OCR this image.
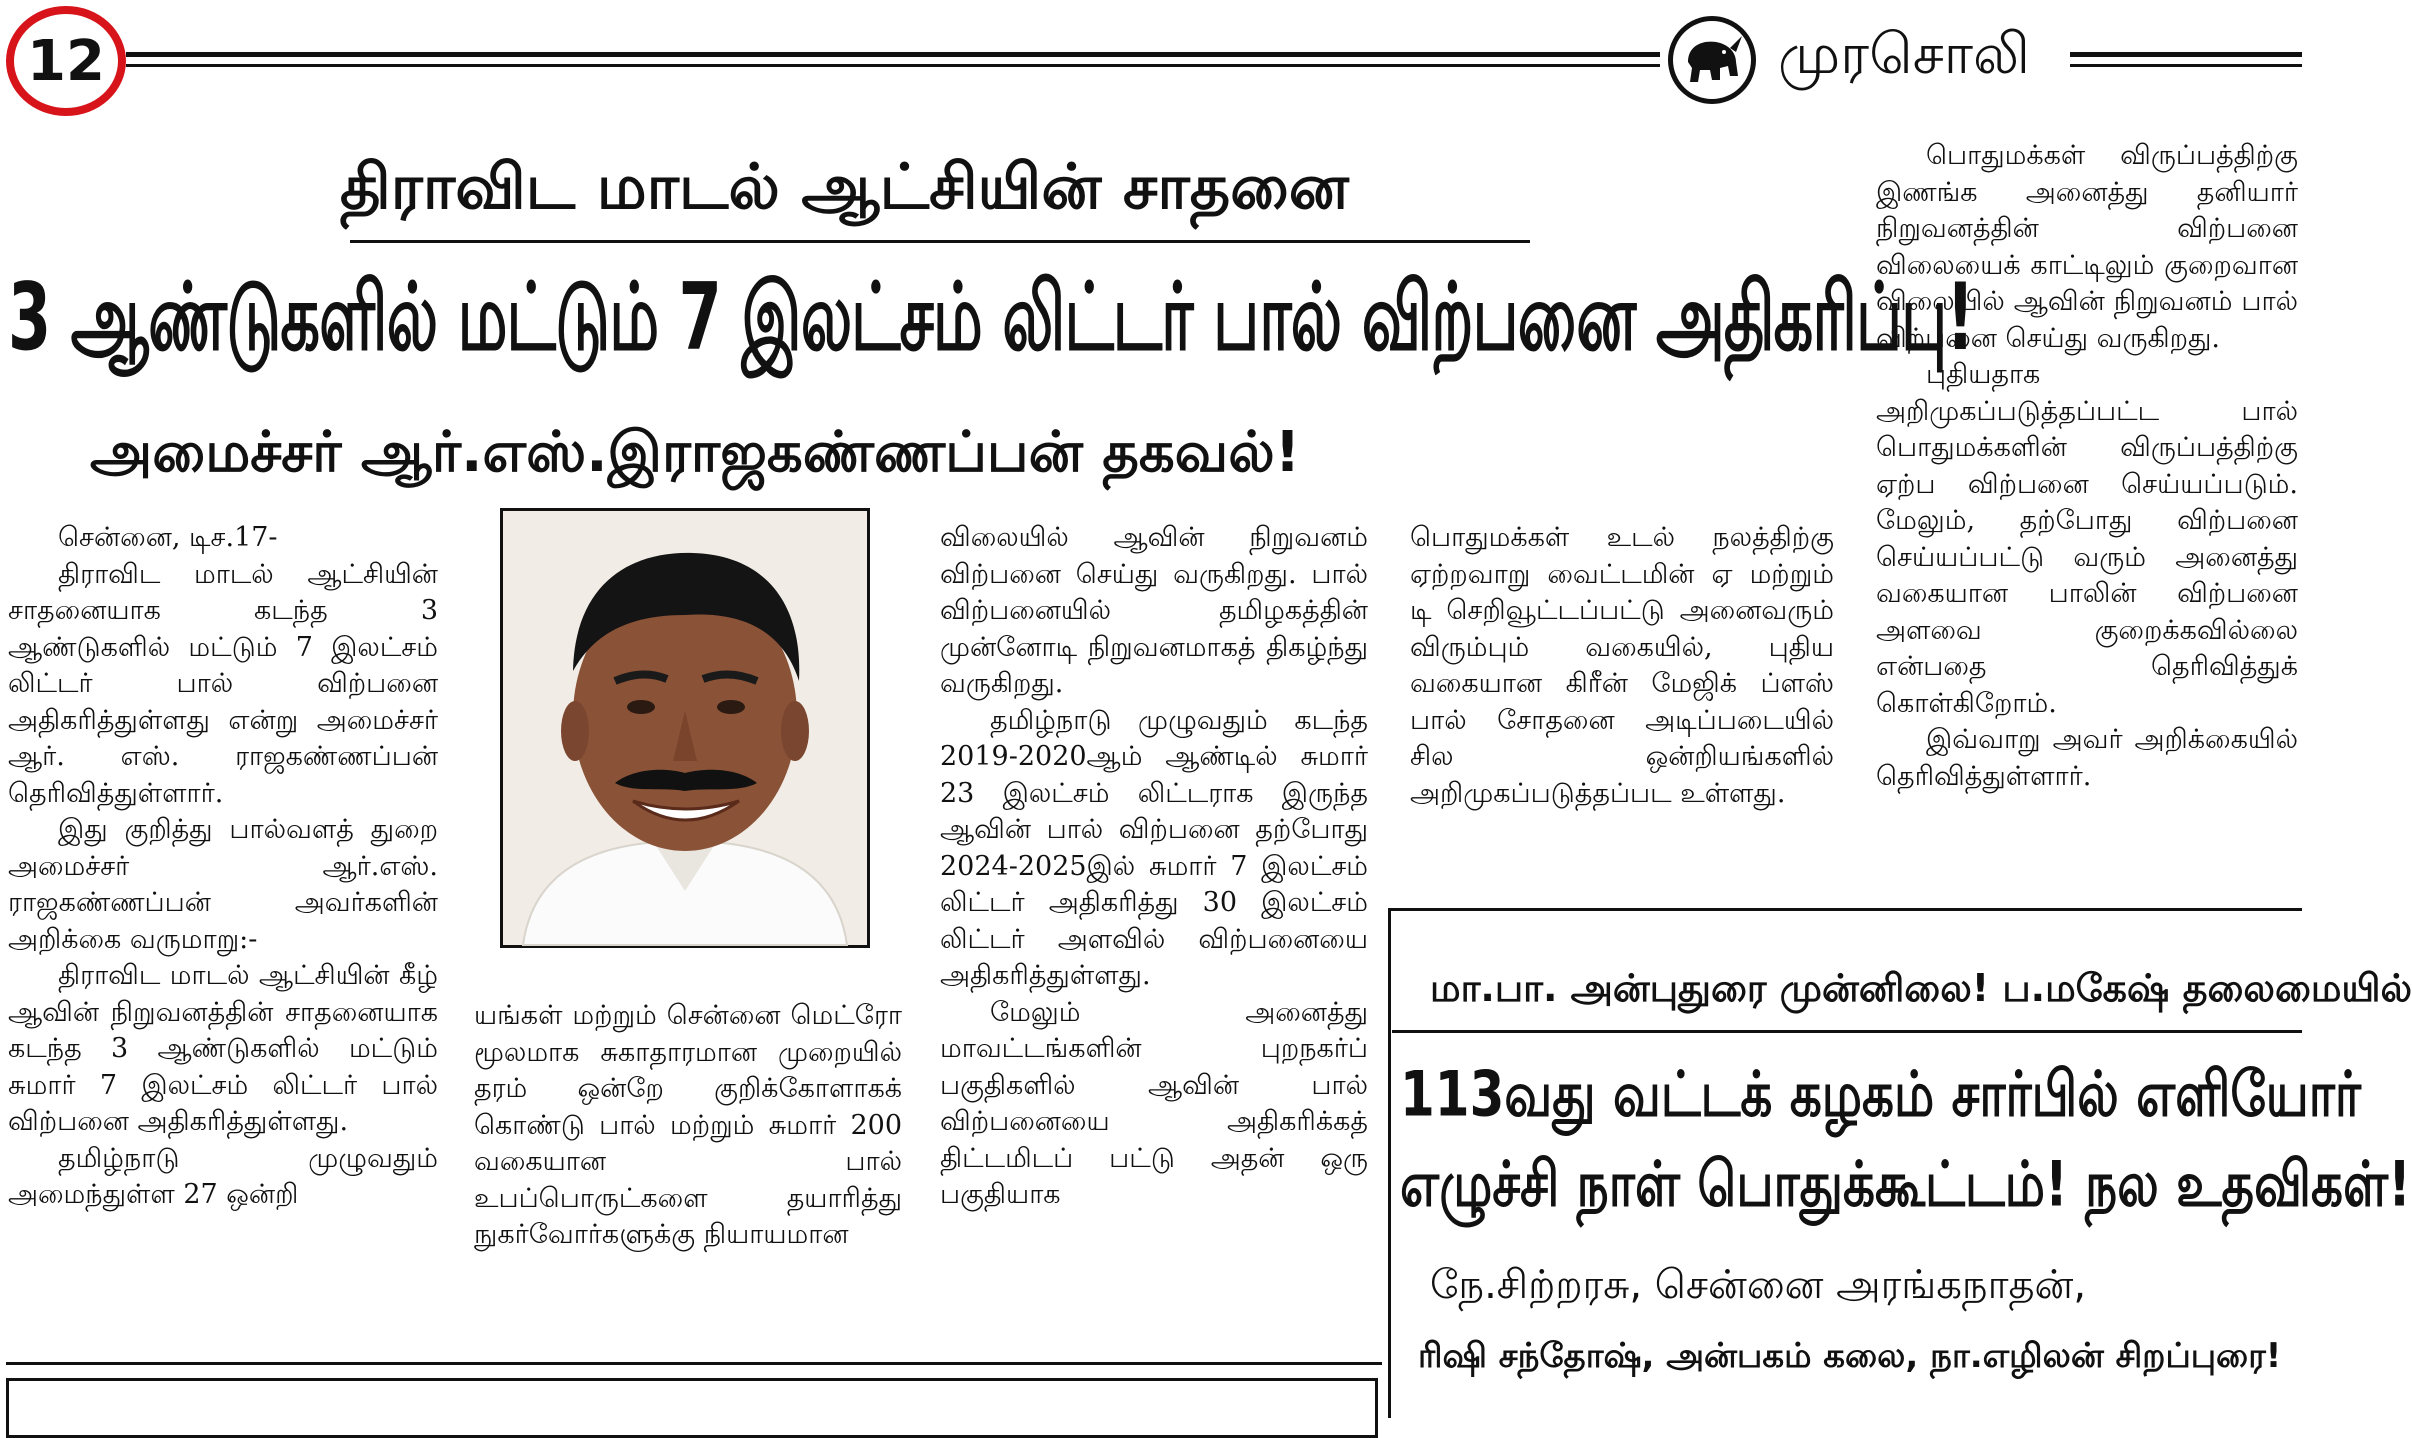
12	முரசொலி
திராவிட மாடல் ஆட்சியின் சாதனை
3 ஆண்டுகளில் மட்டும் 7 இலட்சம் லிட்டர் பால் விற்பனை அதிகரிப்பு!
அமைச்சர் ஆர்.எஸ்.இராஜகண்ணப்பன் தகவல்!

சென்னை, டிச.17-

திராவிட மாடல் ஆட்சியின் சாதனையாக கடந்த 3 ஆண்டுகளில் மட்டும் 7 இலட்சம் லிட்டர் பால் விற்பனை அதிகரித்துள்ளது என்று அமைச்சர் ஆர். எஸ். ராஜகண்ணப்பன் தெரிவித்துள்ளார்.

இது குறித்து பால்வளத் துறை அமைச்சர் ஆர்.எஸ். ராஜகண்ணப்பன் அவர்களின் அறிக்கை வருமாறு:-

திராவிட மாடல் ஆட்சியின் கீழ் ஆவின் நிறுவனத்தின் சாதனையாக கடந்த 3 ஆண்டுகளில் மட்டும் சுமார் 7 இலட்சம் லிட்டர் பால் விற்பனை அதிகரித்துள்ளது.

தமிழ்நாடு முழுவதும் அமைந்துள்ள 27 ஒன்றி

யங்கள் மற்றும் சென்னை மெட்ரோ மூலமாக சுகாதாரமான முறையில் தரம் ஒன்றே குறிக்கோளாகக் கொண்டு பால் மற்றும் சுமார் 200 வகையான பால் உபப்பொருட்களை தயாரித்து நுகர்வோர்களுக்கு நியாயமான

விலையில் ஆவின் நிறுவனம் விற்பனை செய்து வருகிறது. பால் விற்பனையில் தமிழகத்தின் முன்னோடி நிறுவனமாகத் திகழ்ந்து வருகிறது.

தமிழ்நாடு முழுவதும் கடந்த 2019-2020ஆம் ஆண்டில் சுமார் 23 இலட்சம் லிட்டராக இருந்த ஆவின் பால் விற்பனை தற்போது 2024-2025இல் சுமார் 7 இலட்சம் லிட்டர் அதிகரித்து 30 இலட்சம் லிட்டர் அளவில் விற்பனையை அதிகரித்துள்ளது.

மேலும் அனைத்து மாவட்டங்களின் புறநகர்ப் பகுதிகளில் ஆவின் பால் விற்பனையை அதிகரிக்கத் திட்டமிடப் பட்டு அதன் ஒரு பகுதியாக

பொதுமக்கள் உடல் நலத்திற்கு ஏற்றவாறு வைட்டமின் ஏ மற்றும் டி செறிவூட்டப்பட்டு அனைவரும் விரும்பும் வகையில், புதிய வகையான கிரீன் மேஜிக் ப்ளஸ் பால் சோதனை அடிப்படையில் சில ஒன்றியங்களில் அறிமுகப்படுத்தப்பட உள்ளது.

பொதுமக்கள் விருப்பத்திற்கு இணங்க அனைத்து தனியார் நிறுவனத்தின் விற்பனை விலையைக் காட்டிலும் குறைவான விலையில் ஆவின் நிறுவனம் பால் விற்பனை செய்து வருகிறது.

புதியதாக அறிமுகப்படுத்தப்பட்ட பால் பொதுமக்களின் விருப்பத்திற்கு ஏற்ப விற்பனை செய்யப்படும். மேலும், தற்போது விற்பனை செய்யப்பட்டு வரும் அனைத்து வகையான பாலின் விற்பனை அளவை குறைக்கவில்லை என்பதை தெரிவித்துக் கொள்கிறோம்.

இவ்வாறு அவர் அறிக்கையில் தெரிவித்துள்ளார்.

மா.பா. அன்புதுரை முன்னிலை! ப.மகேஷ் தலைமையில்
113வது வட்டக் கழகம் சார்பில் எளியோர்
எழுச்சி நாள் பொதுக்கூட்டம்! நல உதவிகள்!
நே.சிற்றரசு, சென்னை அரங்கநாதன்,
ரிஷி சந்தோஷ், அன்பகம் கலை, நா.எழிலன் சிறப்புரை!
